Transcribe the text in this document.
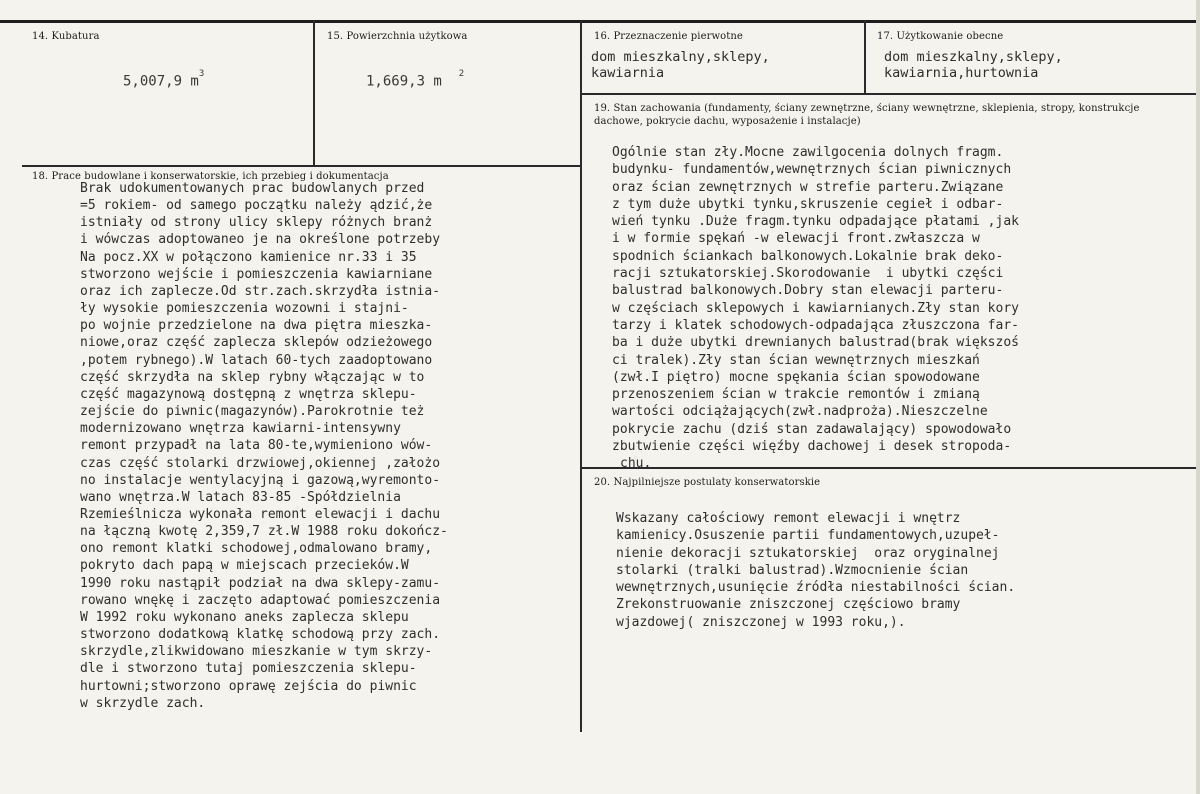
14. Kubatura
5,007,9 $m^3$
15. Powierzchnia użytkowa
1,669,3 m $^2$
16. Przeznaczenie pierwotne
dom mieszkalny,sklepy,
kawiarnia
17. Użytkowanie obecne
dom mieszkalny,sklepy,
kawiarnia,hurtownia
19. Stan zachowania (fundamenty, ściany zewnętrzne, ściany wewnętrzne, sklepienia, stropy, konstrukcje dachowe, pokrycie dachu, wyposażenie i instalacje)
Ogólnie stan zły.Mocne zawilgocenia dolnych fragm.
budynku- fundamentów,wewnętrznych ścian piwnicznych
oraz ścian zewnętrznych w strefie parteru.Związane
z tym duże ubytki tynku,skruszenie cegieł i odbar-
wień tynku .Duże fragm.tynku odpadające płatami ,jak
i w formie spękań -w elewacji front.zwłaszcza w
spodnich ściankach balkonowych.Lokalnie brak deko-
racji sztukatorskiej.Skorodowanie  i ubytki części
balustrad balkonowych.Dobry stan elewacji parteru-
w częściach sklepowych i kawiarnianych.Zły stan kory
tarzy i klatek schodowych-odpadająca złuszczona far-
ba i duże ubytki drewnianych balustrad(brak większoś
ci tralek).Zły stan ścian wewnętrznych mieszkań
(zwł.I piętro) mocne spękania ścian spowodowane
przenoszeniem ścian w trakcie remontów i zmianą
wartości odciążających(zwł.nadproża).Nieszczelne
pokrycie zachu (dziś stan zadawalający) spowodowało
zbutwienie części więźby dachowej i desek stropoda-
chu.
20. Najpilniejsze postulaty konserwatorskie
Wskazany całościowy remont elewacji i wnętrz
kamienicy.Osuszenie partii fundamentowych,uzupeł-
nienie dekoracji sztukatorskiej  oraz oryginalnej
stolarki (tralki balustrad).Wzmocnienie ścian
wewnętrznych,usunięcie źródła niestabilności ścian.
Zrekonstruowanie zniszczonej częściowo bramy
wjazdowej( zniszczonej w 1993 roku,).
18. Prace budowlane i konserwatorskie, ich przebieg i dokumentacja
Brak udokumentowanych prac budowlanych przed
=5 rokiem- od samego początku należy ądzić,że
istniały od strony ulicy sklepy różnych branż
i wówczas adoptowaneo je na określone potrzeby
Na pocz.XX w połączono kamienice nr.33 i 35
stworzono wejście i pomieszczenia kawiarniane
oraz ich zaplecze.Od str.zach.skrzydła istnia-
ły wysokie pomieszczenia wozowni i stajni-
po wojnie przedzielone na dwa piętra mieszka-
niowe,oraz część zaplecza sklepów odzieżowego
,potem rybnego).W latach 60-tych zaadoptowano
część skrzydła na sklep rybny włączając w to
część magazynową dostępną z wnętrza sklepu-
zejście do piwnic(magazynów).Parokrotnie też
modernizowano wnętrza kawiarni-intensywny
remont przypadł na lata 80-te,wymieniono wów-
czas część stolarki drzwiowej,okiennej ,założo
no instalacje wentylacyjną i gazową,wyremonto-
wano wnętrza.W latach 83-85 -Spółdzielnia
Rzemieślnicza wykonała remont elewacji i dachu
na łączną kwotę 2,359,7 zł.W 1988 roku dokończ-
ono remont klatki schodowej,odmalowano bramy,
pokryto dach papą w miejscach przecieków.W
1990 roku nastąpił podział na dwa sklepy-zamu-
rowano wnękę i zaczęto adaptować pomieszczenia
W 1992 roku wykonano aneks zaplecza sklepu
stworzono dodatkową klatkę schodową przy zach.
skrzydle,zlikwidowano mieszkanie w tym skrzy-
dle i stworzono tutaj pomieszczenia sklepu-
hurtowni;stworzono oprawę zejścia do piwnic
w skrzydle zach.
